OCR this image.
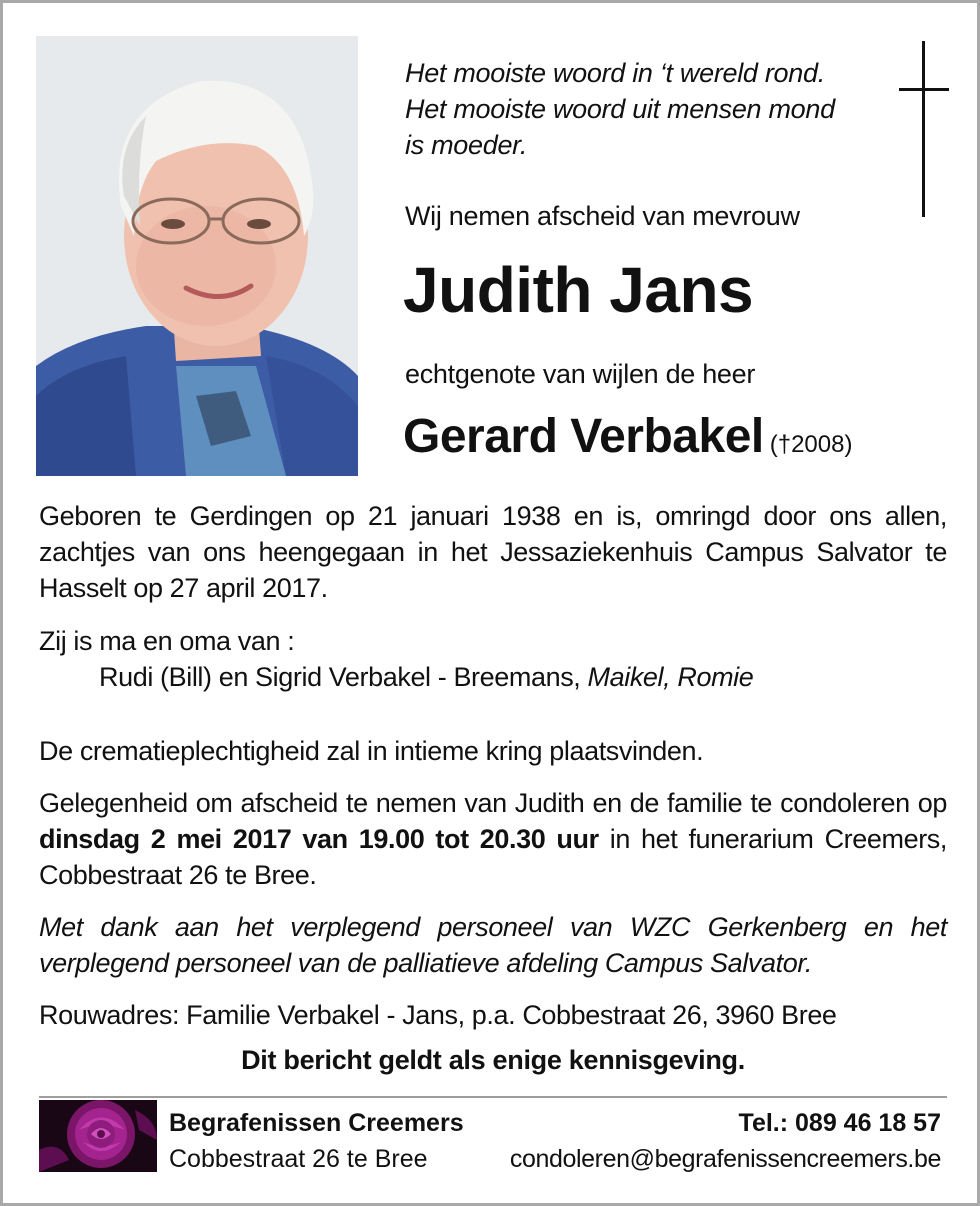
Het mooiste woord in ‘t wereld rond.
Het mooiste woord uit mensen mond
is moeder.
Wij nemen afscheid van mevrouw
Judith Jans
echtgenote van wijlen de heer
Gerard Verbakel (†2008)
Geboren te Gerdingen op 21 januari 1938 en is, omringd door ons allen, zachtjes van ons heengegaan in het Jessaziekenhuis Campus Salvator te Hasselt op 27 april 2017.
Zij is ma en oma van :
Rudi (Bill) en Sigrid Verbakel - Breemans, Maikel, Romie
De crematieplechtigheid zal in intieme kring plaatsvinden.
Gelegenheid om afscheid te nemen van Judith en de familie te condoleren op dinsdag 2 mei 2017 van 19.00 tot 20.30 uur in het funerarium Creemers, Cobbestraat 26 te Bree.
Met dank aan het verplegend personeel van WZC Gerkenberg en het verplegend personeel van de palliatieve afdeling Campus Salvator.
Rouwadres: Familie Verbakel - Jans, p.a. Cobbestraat 26, 3960 Bree
Dit bericht geldt als enige kennisgeving.
Begrafenissen Creemers
Cobbestraat 26 te Bree
Tel.: 089 46 18 57
condoleren@begrafenissencreemers.be
